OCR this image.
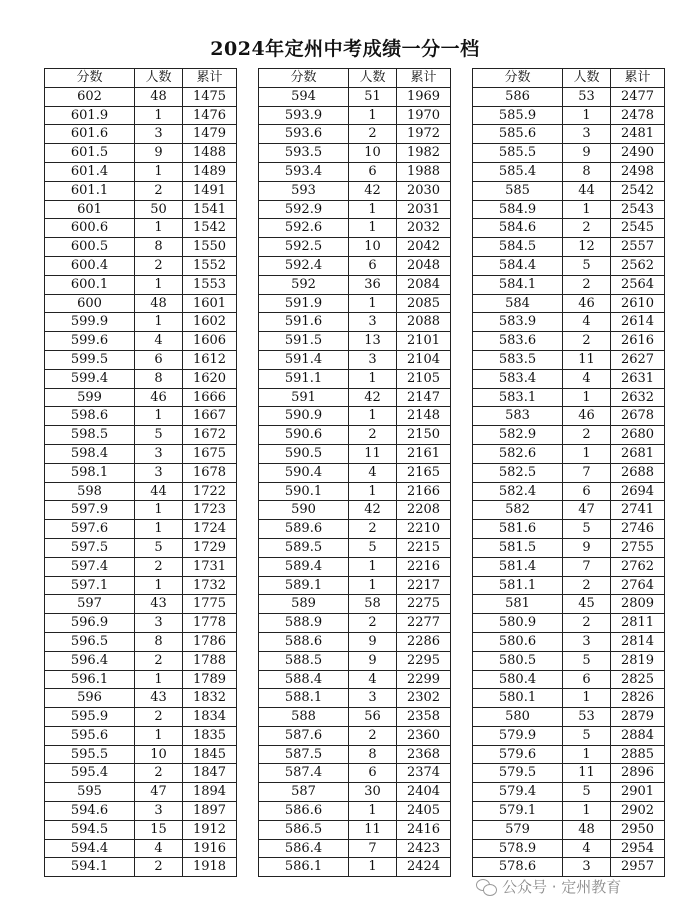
2024年定州中考成绩一分一档
分数	人数	累计
602	48	1475
601.9	1	1476
601.6	3	1479
601.5	9	1488
601.4	1	1489
601.1	2	1491
601	50	1541
600.6	1	1542
600.5	8	1550
600.4	2	1552
600.1	1	1553
600	48	1601
599.9	1	1602
599.6	4	1606
599.5	6	1612
599.4	8	1620
599	46	1666
598.6	1	1667
598.5	5	1672
598.4	3	1675
598.1	3	1678
598	44	1722
597.9	1	1723
597.6	1	1724
597.5	5	1729
597.4	2	1731
597.1	1	1732
597	43	1775
596.9	3	1778
596.5	8	1786
596.4	2	1788
596.1	1	1789
596	43	1832
595.9	2	1834
595.6	1	1835
595.5	10	1845
595.4	2	1847
595	47	1894
594.6	3	1897
594.5	15	1912
594.4	4	1916
594.1	2	1918
分数	人数	累计
594	51	1969
593.9	1	1970
593.6	2	1972
593.5	10	1982
593.4	6	1988
593	42	2030
592.9	1	2031
592.6	1	2032
592.5	10	2042
592.4	6	2048
592	36	2084
591.9	1	2085
591.6	3	2088
591.5	13	2101
591.4	3	2104
591.1	1	2105
591	42	2147
590.9	1	2148
590.6	2	2150
590.5	11	2161
590.4	4	2165
590.1	1	2166
590	42	2208
589.6	2	2210
589.5	5	2215
589.4	1	2216
589.1	1	2217
589	58	2275
588.9	2	2277
588.6	9	2286
588.5	9	2295
588.4	4	2299
588.1	3	2302
588	56	2358
587.6	2	2360
587.5	8	2368
587.4	6	2374
587	30	2404
586.6	1	2405
586.5	11	2416
586.4	7	2423
586.1	1	2424
分数	人数	累计
586	53	2477
585.9	1	2478
585.6	3	2481
585.5	9	2490
585.4	8	2498
585	44	2542
584.9	1	2543
584.6	2	2545
584.5	12	2557
584.4	5	2562
584.1	2	2564
584	46	2610
583.9	4	2614
583.6	2	2616
583.5	11	2627
583.4	4	2631
583.1	1	2632
583	46	2678
582.9	2	2680
582.6	1	2681
582.5	7	2688
582.4	6	2694
582	47	2741
581.6	5	2746
581.5	9	2755
581.4	7	2762
581.1	2	2764
581	45	2809
580.9	2	2811
580.6	3	2814
580.5	5	2819
580.4	6	2825
580.1	1	2826
580	53	2879
579.9	5	2884
579.6	1	2885
579.5	11	2896
579.4	5	2901
579.1	1	2902
579	48	2950
578.9	4	2954
578.6	3	2957
公众号 · 定州教育
